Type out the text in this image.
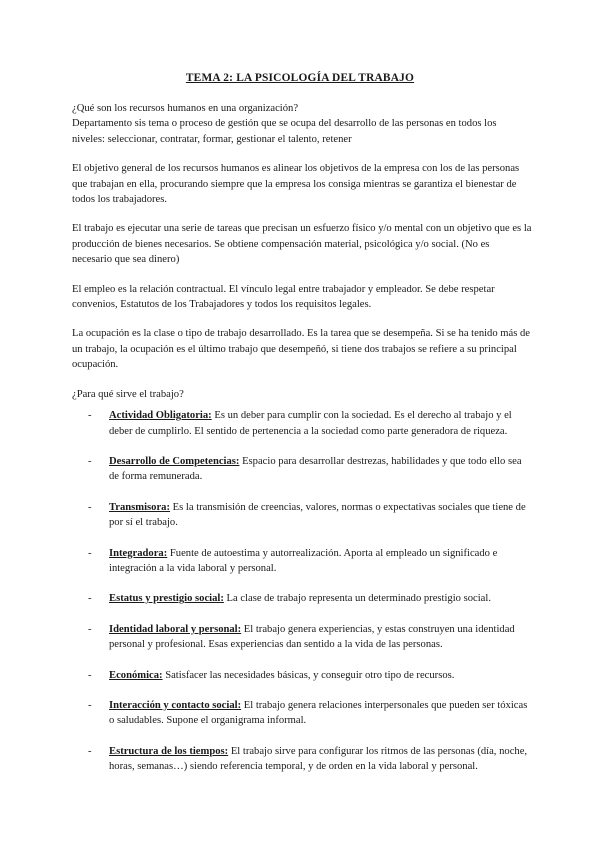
TEMA 2: LA PSICOLOGÍA DEL TRABAJO

¿Qué son los recursos humanos en una organización?

Departamento sis tema o proceso de gestión que se ocupa del desarrollo de las personas en todos los niveles: seleccionar, contratar, formar, gestionar el talento, retener

El objetivo general de los recursos humanos es alinear los objetivos de la empresa con los de las personas que trabajan en ella, procurando siempre que la empresa los consiga mientras se garantiza el bienestar de todos los trabajadores.

El trabajo es ejecutar una serie de tareas que precisan un esfuerzo físico y/o mental con un objetivo que es la producción de bienes necesarios. Se obtiene compensación material, psicológica y/o social. (No es necesario que sea dinero)

El empleo es la relación contractual. El vínculo legal entre trabajador y empleador. Se debe respetar convenios, Estatutos de los Trabajadores y todos los requisitos legales.

La ocupación es la clase o tipo de trabajo desarrollado. Es la tarea que se desempeña. Si se ha tenido más de un trabajo, la ocupación es el último trabajo que desempeñó, si tiene dos trabajos se refiere a su principal ocupación.

¿Para qué sirve el trabajo?

- Actividad Obligatoria: Es un deber para cumplir con la sociedad. Es el derecho al trabajo y el deber de cumplirlo. El sentido de pertenencia a la sociedad como parte generadora de riqueza.
- Desarrollo de Competencias: Espacio para desarrollar destrezas, habilidades y que todo ello sea de forma remunerada.
- Transmisora: Es la transmisión de creencias, valores, normas o expectativas sociales que tiene de por sí el trabajo.
- Integradora: Fuente de autoestima y autorrealización. Aporta al empleado un significado e integración a la vida laboral y personal.
- Estatus y prestigio social: La clase de trabajo representa un determinado prestigio social.
- Identidad laboral y personal: El trabajo genera experiencias, y estas construyen una identidad personal y profesional. Esas experiencias dan sentido a la vida de las personas.
- Económica: Satisfacer las necesidades básicas, y conseguir otro tipo de recursos.
- Interacción y contacto social: El trabajo genera relaciones interpersonales que pueden ser tóxicas o saludables. Supone el organigrama informal.
- Estructura de los tiempos: El trabajo sirve para configurar los ritmos de las personas (día, noche, horas, semanas…) siendo referencia temporal, y de orden en la vida laboral y personal.
